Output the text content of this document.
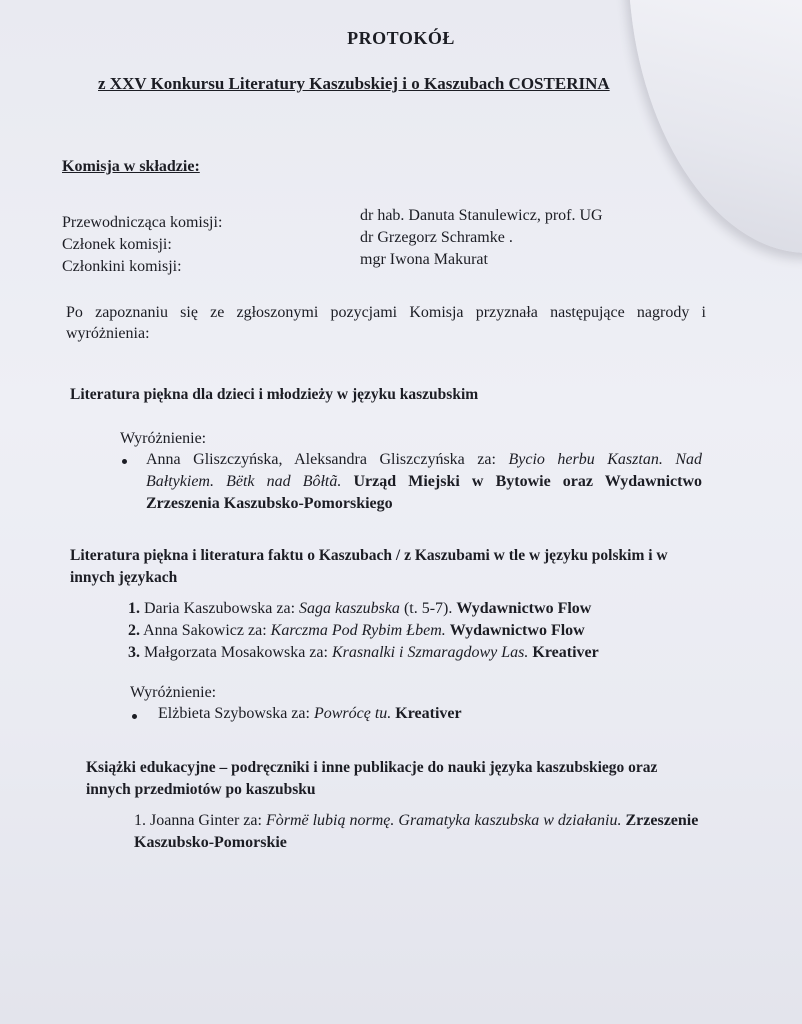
PROTOKÓŁ
z XXV Konkursu Literatury Kaszubskiej i o Kaszubach COSTERINA
Komisja w składzie:
Przewodnicząca komisji:	dr hab. Danuta Stanulewicz, prof. UG
Członek komisji:	dr Grzegorz Schramke .
Członkini komisji:	mgr Iwona Makurat
Po zapoznaniu się ze zgłoszonymi pozycjami Komisja przyznała następujące nagrody i wyróżnienia:
Literatura piękna dla dzieci i młodzieży w języku kaszubskim
Wyróżnienie:
Anna Gliszczyńska, Aleksandra Gliszczyńska za: Bycio herbu Kasztan. Nad Bałtykiem. Bëtk nad Bôłtã. Urząd Miejski w Bytowie oraz Wydawnictwo Zrzeszenia Kaszubsko-Pomorskiego
Literatura piękna i literatura faktu o Kaszubach / z Kaszubami w tle w języku polskim i w innych językach
1. Daria Kaszubowska za: Saga kaszubska (t. 5-7). Wydawnictwo Flow
2. Anna Sakowicz za: Karczma Pod Rybim Łbem. Wydawnictwo Flow
3. Małgorzata Mosakowska za: Krasnalki i Szmaragdowy Las. Kreativer
Wyróżnienie:
Elżbieta Szybowska za: Powrócę tu. Kreativer
Książki edukacyjne – podręczniki i inne publikacje do nauki języka kaszubskiego oraz innych przedmiotów po kaszubsku
1. Joanna Ginter za: Fòrmë lubią normę. Gramatyka kaszubska w działaniu. Zrzeszenie Kaszubsko-Pomorskie
